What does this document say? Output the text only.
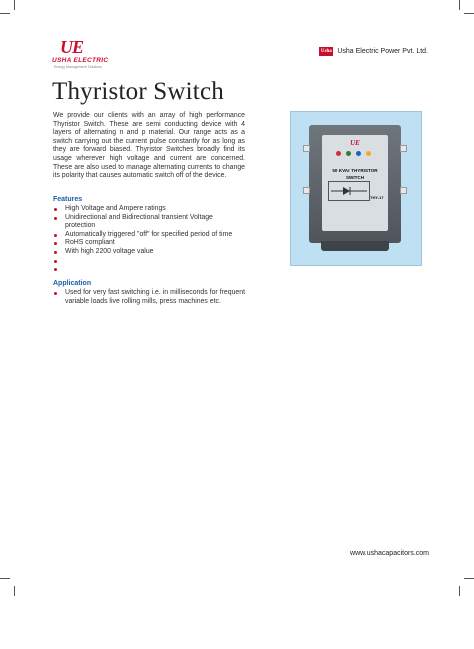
UE
USHA ELECTRIC
Energy Management Solutions
Usha Usha Electric Power Pvt. Ltd.
Thyristor Switch

We provide our clients with an array of high performance Thyristor Switch. These are semi conducting device with 4 layers of alternating n and p material. Our range acts as a switch carrying out the current pulse constantly for as long as they are forward biased. Thyristor Switches broadly find its usage wherever high voltage and current are concerned. These are also used to manage alternating currents to change its polarity that causes automatic switch off of the device.

Features
High Voltage and Ampere ratings
Unidirectional and Bidirectional transient Voltage protection
Automatically triggered "off" for specified period of time
RoHS compliant
With high 2200 voltage value
Application
Used for very fast switching i.e. in milliseconds for frequent variable loads live rolling mills, press machines etc.
UE
50 KVAr THYRISTOR SWITCH
THY-17
www.ushacapacitors.com
